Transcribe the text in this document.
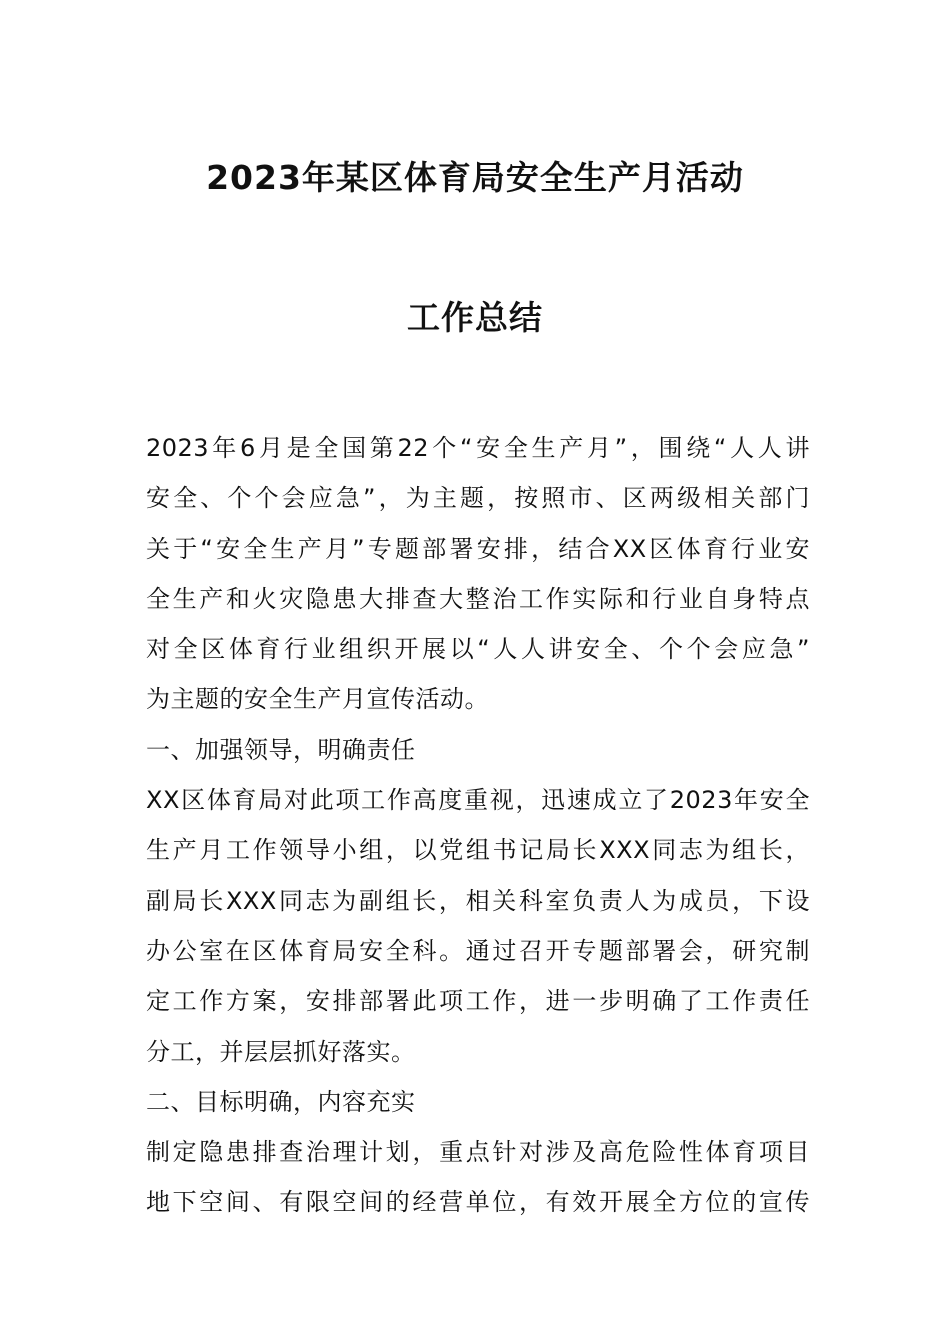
2023年某区体育局安全生产月活动
工作总结
2023年6月是全国第22个“安全生产月”，围绕“人人讲
安全、个个会应急”，为主题，按照市、区两级相关部门
关于“安全生产月”专题部署安排，结合XX区体育行业安
全生产和火灾隐患大排查大整治工作实际和行业自身特点
对全区体育行业组织开展以“人人讲安全、个个会应急”
为主题的安全生产月宣传活动。
一、加强领导，明确责任
XX区体育局对此项工作高度重视，迅速成立了2023年安全
生产月工作领导小组，以党组书记局长XXX同志为组长，
副局长XXX同志为副组长，相关科室负责人为成员，下设
办公室在区体育局安全科。通过召开专题部署会，研究制
定工作方案，安排部署此项工作，进一步明确了工作责任
分工，并层层抓好落实。
二、目标明确，内容充实
制定隐患排查治理计划，重点针对涉及高危险性体育项目
地下空间、有限空间的经营单位，有效开展全方位的宣传
